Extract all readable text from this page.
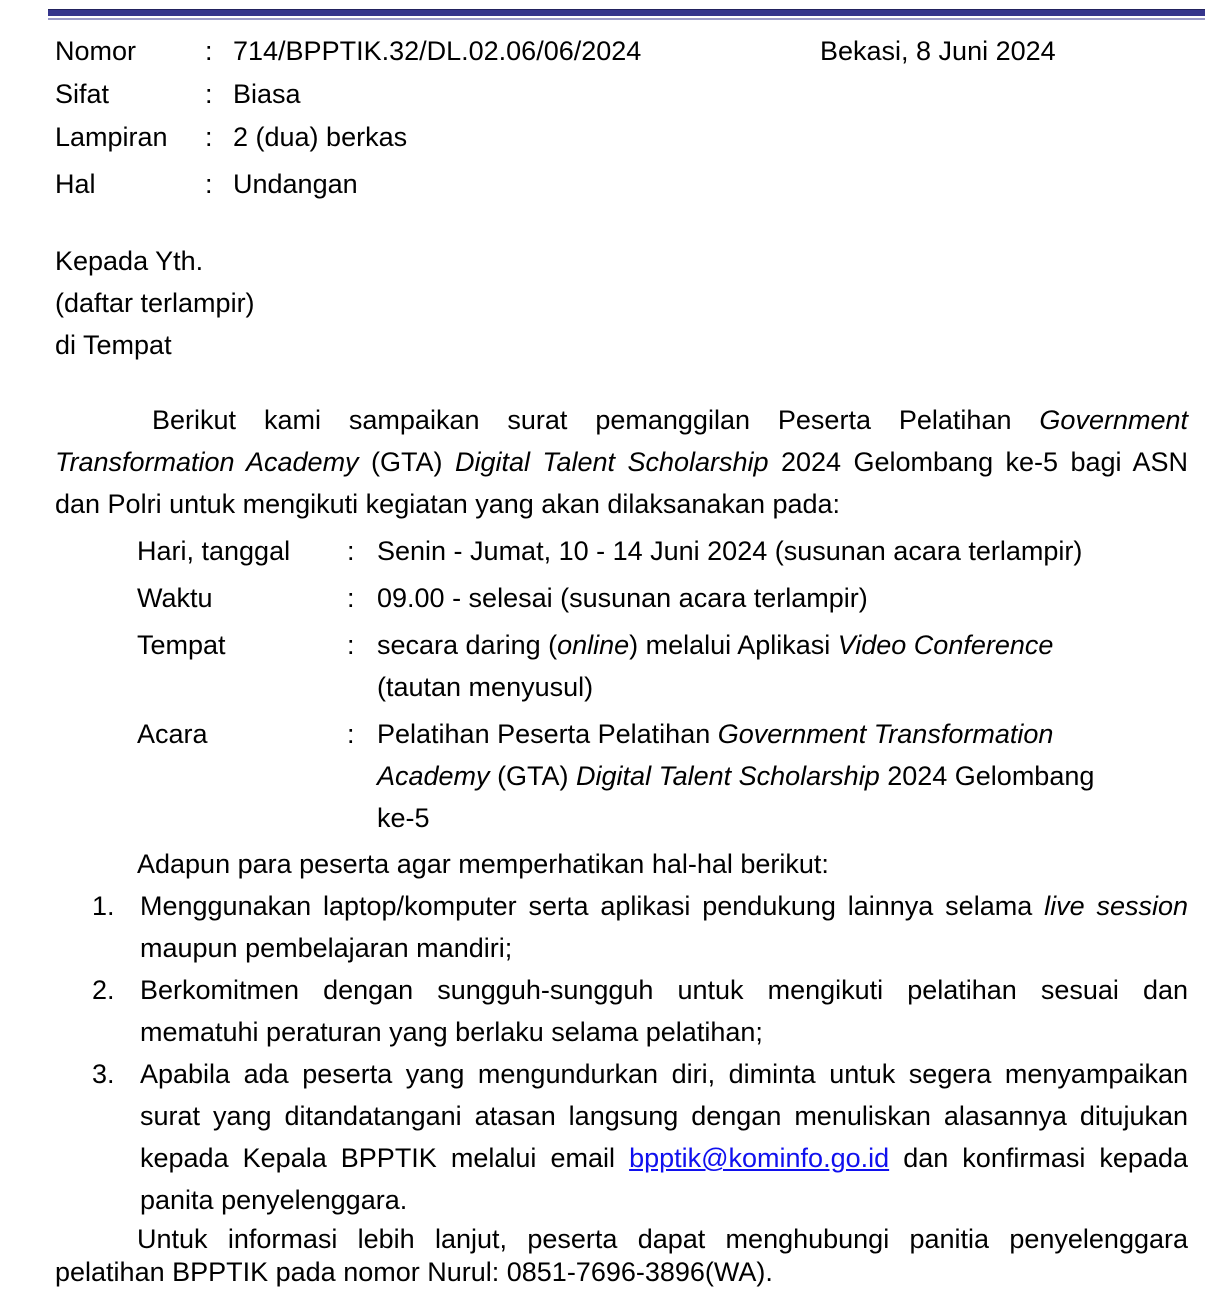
Nomor	: 714/BPPTIK.32/DL.02.06/06/2024	Bekasi, 8 Juni 2024
Sifat	: Biasa
Lampiran	: 2 (dua) berkas
Hal	: Undangan
Kepada Yth.
(daftar terlampir)
di Tempat

Berikut kami sampaikan surat pemanggilan Peserta Pelatihan Government Transformation Academy (GTA) Digital Talent Scholarship 2024 Gelombang ke-5 bagi ASN dan Polri untuk mengikuti kegiatan yang akan dilaksanakan pada:

Hari, tanggal	: Senin - Jumat, 10 - 14 Juni 2024 (susunan acara terlampir)
Waktu	: 09.00 - selesai (susunan acara terlampir)
Tempat	: secara daring (online) melalui Aplikasi Video Conference
(tautan menyusul)
Acara	: Pelatihan Peserta Pelatihan Government Transformation
Academy (GTA) Digital Talent Scholarship 2024 Gelombang
ke-5

Adapun para peserta agar memperhatikan hal-hal berikut:

1. Menggunakan laptop/komputer serta aplikasi pendukung lainnya selama live session maupun pembelajaran mandiri;
2. Berkomitmen dengan sungguh-sungguh untuk mengikuti pelatihan sesuai dan mematuhi peraturan yang berlaku selama pelatihan;
3. Apabila ada peserta yang mengundurkan diri, diminta untuk segera menyampaikan surat yang ditandatangani atasan langsung dengan menuliskan alasannya ditujukan kepada Kepala BPPTIK melalui email bpptik@kominfo.go.id dan konfirmasi kepada panita penyelenggara.

Untuk informasi lebih lanjut, peserta dapat menghubungi panitia penyelenggara pelatihan BPPTIK pada nomor Nurul: 0851-7696-3896(WA).
